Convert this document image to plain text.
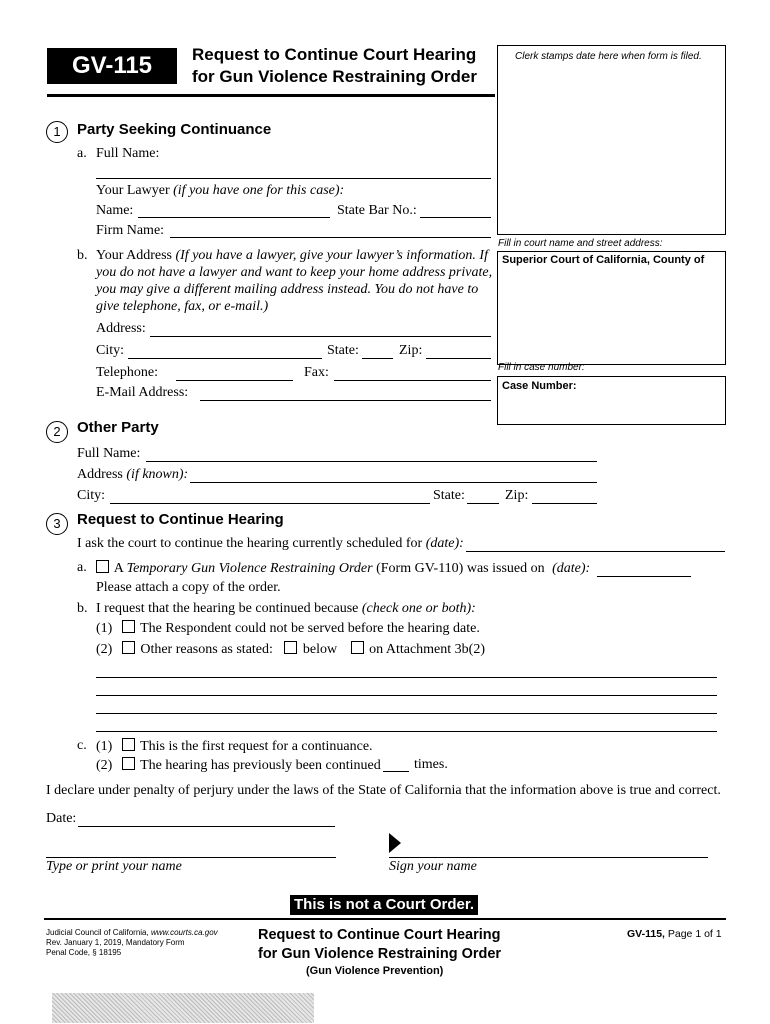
GV-115	Request to Continue Court Hearing
for Gun Violence Restraining Order
Clerk stamps date here when form is filed.
Fill in court name and street address:
Superior Court of California, County of
Fill in case number:
Case Number:
1	Party Seeking Continuance
a. Full Name:
Your Lawyer (if you have one for this case):
Name:	State Bar No.:
Firm Name:
b. Your Address (If you have a lawyer, give your lawyer’s information. If
you do not have a lawyer and want to keep your home address private,
you may give a different mailing address instead. You do not have to
give telephone, fax, or e-mail.)
Address:
City:	State:	Zip:
Telephone:	Fax:
E-Mail Address:
2	Other Party
Full Name:
Address (if known):
City:	State:	Zip:
3	Request to Continue Hearing
I ask the court to continue the hearing currently scheduled for (date):
a.	A Temporary Gun Violence Restraining Order (Form GV-110) was issued on (date):
Please attach a copy of the order.
b. I request that the hearing be continued because (check one or both):
(1) The Respondent could not be served before the hearing date.
(2) Other reasons as stated: below on Attachment 3b(2)
c. (1) This is the first request for a continuance.
(2) The hearing has previously been continued times.
I declare under penalty of perjury under the laws of the State of California that the information above is true and correct.
Date:
Type or print your name	Sign your name
This is not a Court Order.
Judicial Council of California, www.courts.ca.gov
Rev. January 1, 2019, Mandatory Form
Penal Code, § 18195
Request to Continue Court Hearing
for Gun Violence Restraining Order
(Gun Violence Prevention)
GV-115, Page 1 of 1
